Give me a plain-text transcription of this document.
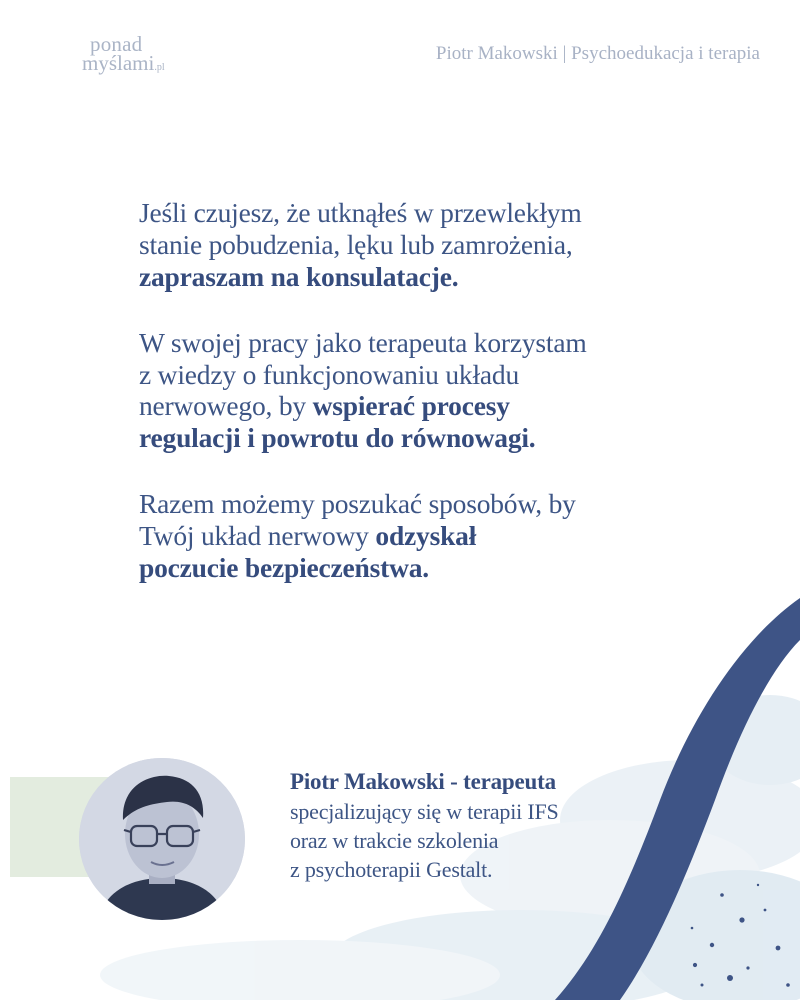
ponad
myślami.pl
Piotr Makowski | Psychoedukacja i terapia

Jeśli czujesz, że utknąłeś w przewlekłym
stanie pobudzenia, lęku lub zamrożenia,
zapraszam na konsulatacje.

W swojej pracy jako terapeuta korzystam
z wiedzy o funkcjonowaniu układu
nerwowego, by wspierać procesy
regulacji i powrotu do równowagi.

Razem możemy poszukać sposobów, by
Twój układ nerwowy odzyskał
poczucie bezpieczeństwa.

Piotr Makowski - terapeuta
specjalizujący się w terapii IFS
oraz w trakcie szkolenia
z psychoterapii Gestalt.
